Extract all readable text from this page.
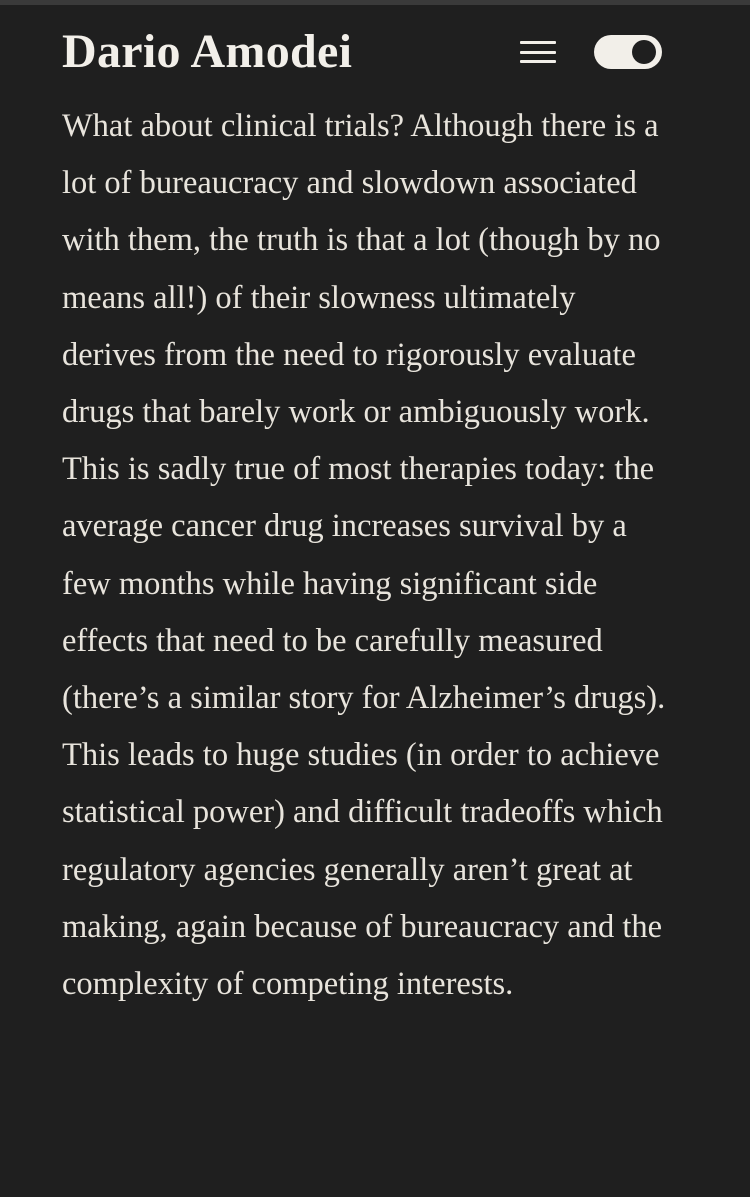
Dario Amodei

What about clinical trials? Although there is a lot of bureaucracy and slowdown associated with them, the truth is that a lot (though by no means all!) of their slowness ultimately derives from the need to rigorously evaluate drugs that barely work or ambiguously work. This is sadly true of most therapies today: the average cancer drug increases survival by a few months while having significant side effects that need to be carefully measured (there’s a similar story for Alzheimer’s drugs). This leads to huge studies (in order to achieve statistical power) and difficult tradeoffs which regulatory agencies generally aren’t great at making, again because of bureaucracy and the complexity of competing interests.
